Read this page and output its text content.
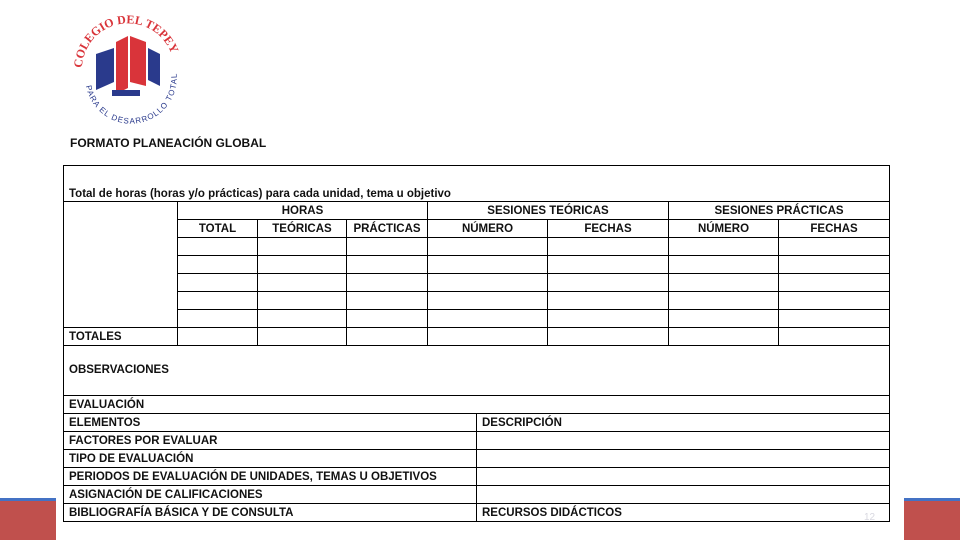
COLEGIO DEL TEPEY
PARA EL DESARROLLO TOTAL
FORMATO PLANEACIÓN GLOBAL
Total de horas (horas y/o prácticas) para cada unidad, tema u objetivo							
	HORAS			SESIONES TEÓRICAS		SESIONES PRÁCTICAS	
	TOTAL	TEÓRICAS	PRÁCTICAS	NÚMERO	FECHAS	NÚMERO	FECHAS

TOTALES							
OBSERVACIONES							
EVALUACIÓN	
ELEMENTOS	DESCRIPCIÓN
FACTORES POR EVALUAR	
TIPO DE EVALUACIÓN	
PERIODOS DE EVALUACIÓN DE UNIDADES, TEMAS U OBJETIVOS	
ASIGNACIÓN DE CALIFICACIONES	
BIBLIOGRAFÍA BÁSICA Y DE CONSULTA	RECURSOS DIDÁCTICOS	12
